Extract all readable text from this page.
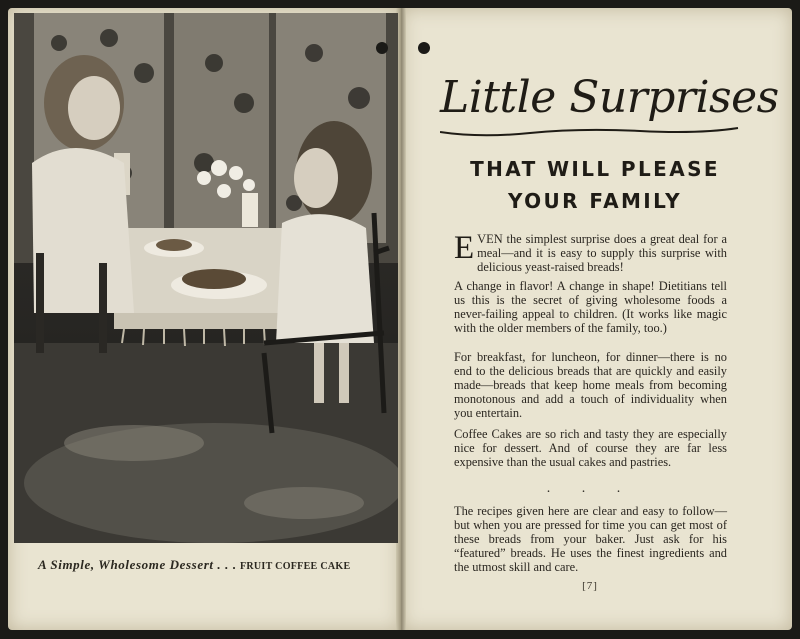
A Simple, Wholesome Dessert . . . FRUIT COFFEE CAKE
Little Surprises
THAT WILL PLEASE
YOUR FAMILY
E VEN the simplest surprise does a great deal for a meal—and it is easy to supply this surprise with delicious yeast-raised breads!
A change in flavor! A change in shape! Dietitians tell us this is the secret of giving wholesome foods a never-failing appeal to children. (It works like magic with the older members of the family, too.)
For breakfast, for luncheon, for dinner—there is no end to the delicious breads that are quickly and easily made—breads that keep home meals from becoming monotonous and add a touch of individuality when you entertain.
Coffee Cakes are so rich and tasty they are especially nice for dessert. And of course they are far less expensive than the usual cakes and pastries.
. . .
The recipes given here are clear and easy to follow—but when you are pressed for time you can get most of these breads from your baker. Just ask for his “featured” breads. He uses the finest ingredients and the utmost skill and care.
[7]
